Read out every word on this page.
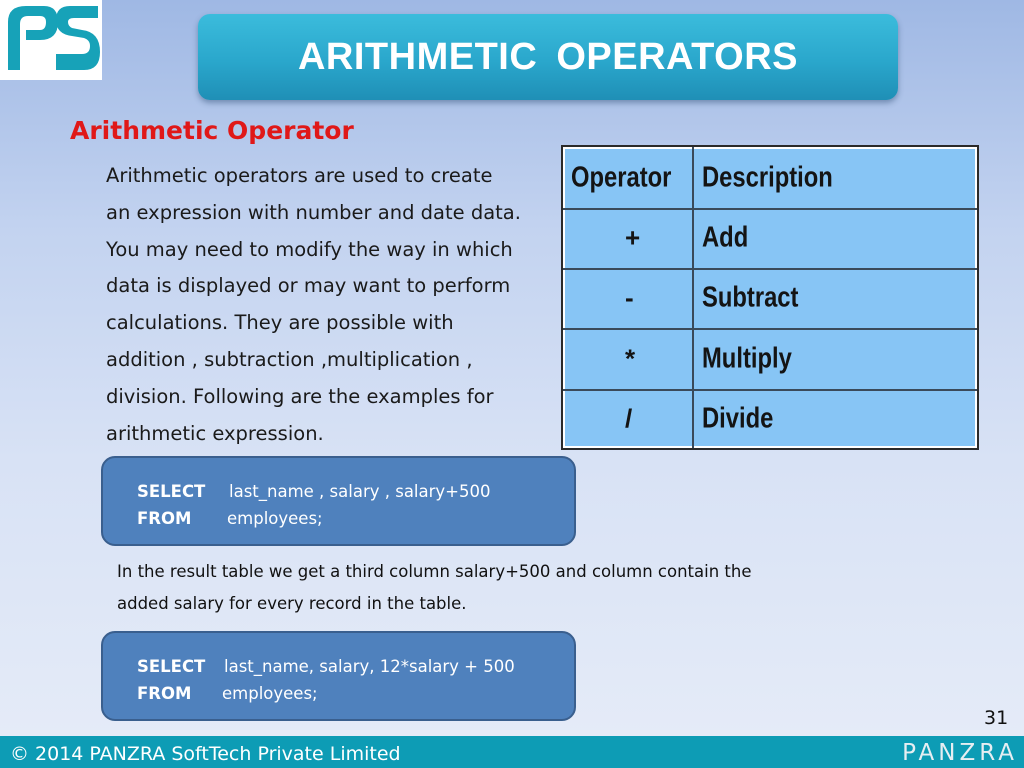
ARITHMETIC OPERATORS
Arithmetic Operator
Arithmetic operators are used to create
an expression with number and date data.
You may need to modify the way in which
data is displayed or may want to perform
calculations. They are possible with
addition , subtraction ,multiplication ,
division. Following are the examples for
arithmetic expression.
Operator Description
+ Add
- Subtract
* Multiply
/ Divide
SELECT last_name , salary , salary+500
FROM employees;
In the result table we get a third column salary+500 and column contain the
added salary for every record in the table.
SELECT last_name, salary, 12*salary + 500
FROM employees;
31
© 2014 PANZRA SoftTech Private Limited	PANZRA
